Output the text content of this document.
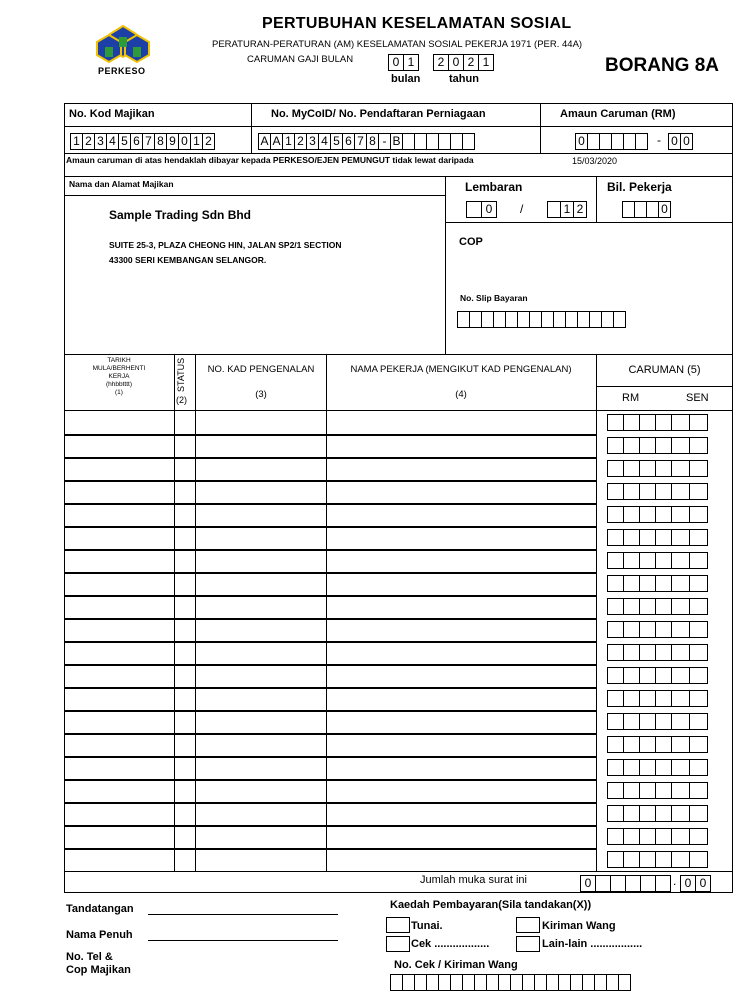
PERKESO
PERTUBUHAN KESELAMATAN SOSIAL
PERATURAN-PERATURAN (AM) KESELAMATAN SOSIAL PEKERJA 1971 (PER. 44A)
CARUMAN GAJI BULAN	0 1	2 0 2 1
bulan	tahun
BORANG 8A
No. Kod Majikan	No. MyCoID/ No. Pendaftaran Perniagaan	Amaun Caruman (RM)
1 2 3 4 5 6 7 8 9 0 1 2	A A 1 2 3 4 5 6 7 8 - B	0	- 0 0
Amaun caruman di atas hendaklah dibayar kepada PERKESO/EJEN PEMUNGUT tidak lewat daripada	15/03/2020
Nama dan Alamat Majikan
Sample Trading Sdn Bhd
SUITE 25-3, PLAZA CHEONG HIN, JALAN SP2/1 SECTION
43300 SERI KEMBANGAN SELANGOR.
Lembaran	Bil. Pekerja
0	/	1 2	0
COP
No. Slip Bayaran
TARIKH
MULA/BERHENTI
KERJA
(hhbbtttt)
(1)
STATUS
(2)
NO. KAD PENGENALAN
(3)
NAMA PEKERJA (MENGIKUT KAD PENGENALAN)
(4)
CARUMAN (5)
RM	SEN
Jumlah muka surat ini	0	. 0 0
Tandatangan
Nama Penuh
No. Tel &
Cop Majikan
Kaedah Pembayaran(Sila tandakan(X))
Tunai.	Kiriman Wang
Cek ..................	Lain-lain .................
No. Cek / Kiriman Wang
